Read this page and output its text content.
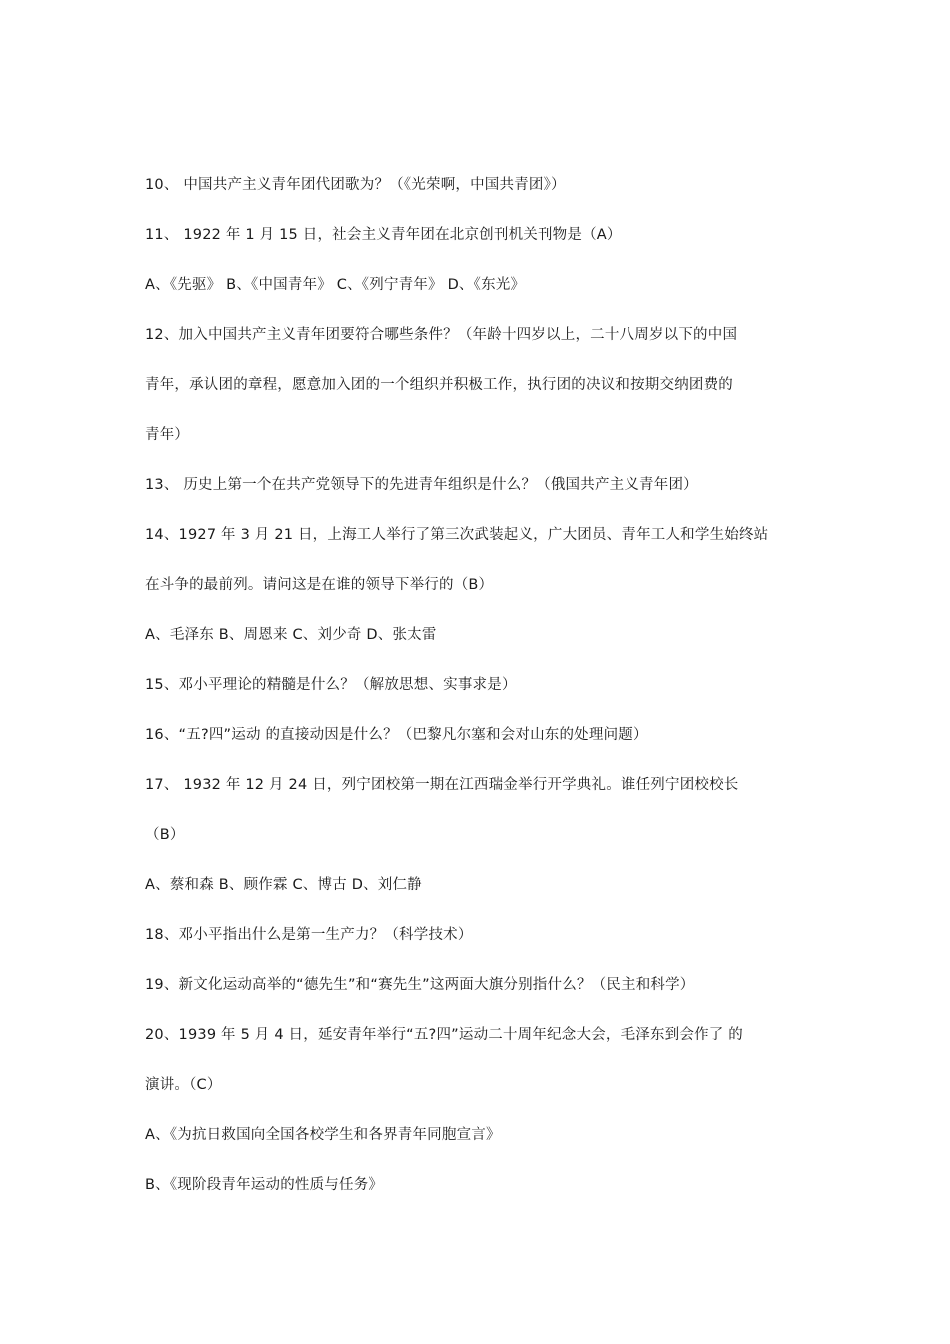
10、 中国共产主义青年团代团歌为？（《光荣啊，中国共青团》）
11、 1922 年 1 月 15 日，社会主义青年团在北京创刊机关刊物是（A）
A、《先驱》 B、《中国青年》 C、《列宁青年》 D、《东光》
12、加入中国共产主义青年团要符合哪些条件？（年龄十四岁以上，二十八周岁以下的中国
青年，承认团的章程，愿意加入团的一个组织并积极工作，执行团的决议和按期交纳团费的
青年）
13、 历史上第一个在共产党领导下的先进青年组织是什么？（俄国共产主义青年团）
14、1927 年 3 月 21 日，上海工人举行了第三次武装起义，广大团员、青年工人和学生始终站
在斗争的最前列。请问这是在谁的领导下举行的（B）
A、毛泽东 B、周恩来 C、刘少奇 D、张太雷
15、邓小平理论的精髓是什么？（解放思想、实事求是）
16、“五?四”运动 的直接动因是什么？（巴黎凡尔塞和会对山东的处理问题）
17、 1932 年 12 月 24 日，列宁团校第一期在江西瑞金举行开学典礼。谁任列宁团校校长
（B）
A、蔡和森 B、顾作霖 C、博古 D、刘仁静
18、邓小平指出什么是第一生产力？（科学技术）
19、新文化运动高举的“德先生”和“赛先生”这两面大旗分别指什么？（民主和科学）
20、1939 年 5 月 4 日，延安青年举行“五?四”运动二十周年纪念大会，毛泽东到会作了 的
演讲。（C）
A、《为抗日救国向全国各校学生和各界青年同胞宣言》
B、《现阶段青年运动的性质与任务》
